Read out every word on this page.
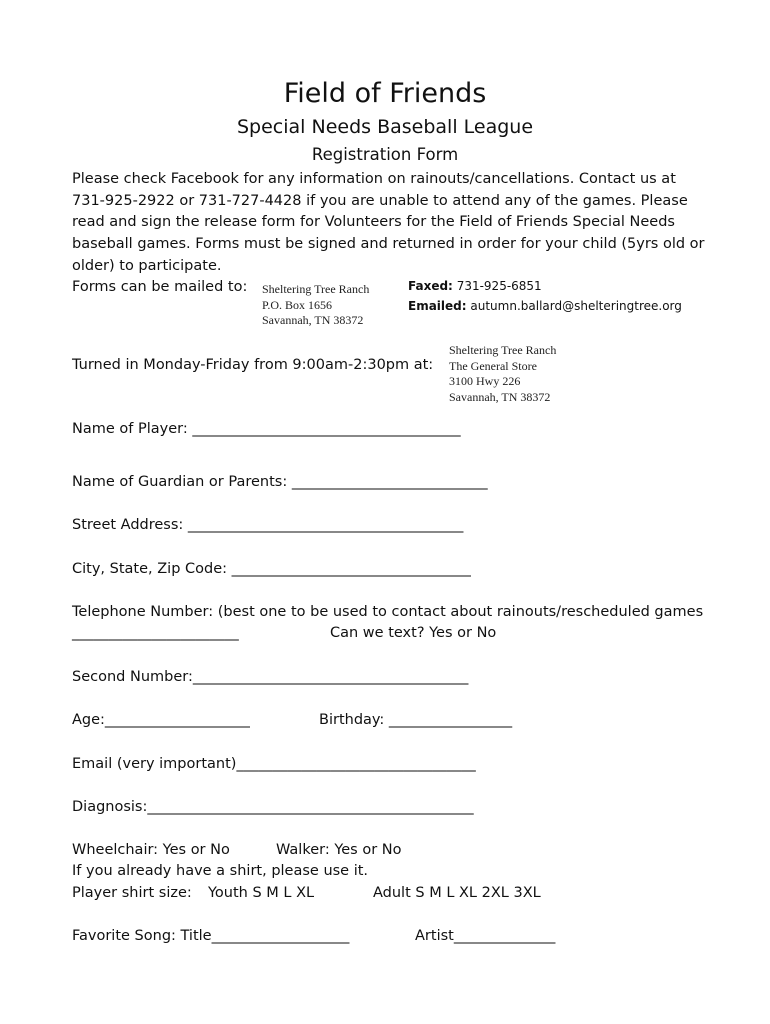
Field of Friends
Special Needs Baseball League
Registration Form
Please check Facebook for any information on rainouts/cancellations. Contact us at
731-925-2922 or 731-727-4428 if you are unable to attend any of the games. Please
read and sign the release form for Volunteers for the Field of Friends Special Needs
baseball games. Forms must be signed and returned in order for your child (5yrs old or
older) to participate.
Forms can be mailed to: Sheltering Tree Ranch
P.O. Box 1656
Savannah, TN 38372
Faxed: 731-925-6851
Emailed: autumn.ballard@shelteringtree.org
Turned in Monday-Friday from 9:00am-2:30pm at:
Sheltering Tree Ranch
The General Store
3100 Hwy 226
Savannah, TN 38372
Name of Player: _____________________________________
Name of Guardian or Parents: ___________________________
Street Address: ______________________________________
City, State, Zip Code: _________________________________
Telephone Number: (best one to be used to contact about rainouts/rescheduled games
_______________________	Can we text? Yes or No
Second Number:______________________________________
Age:____________________	Birthday: _________________
Email (very important)_________________________________
Diagnosis:_____________________________________________
Wheelchair: Yes or No	Walker: Yes or No
If you already have a shirt, please use it.
Player shirt size: Youth S M L XL	Adult S M L XL 2XL 3XL
Favorite Song: Title___________________	Artist______________
